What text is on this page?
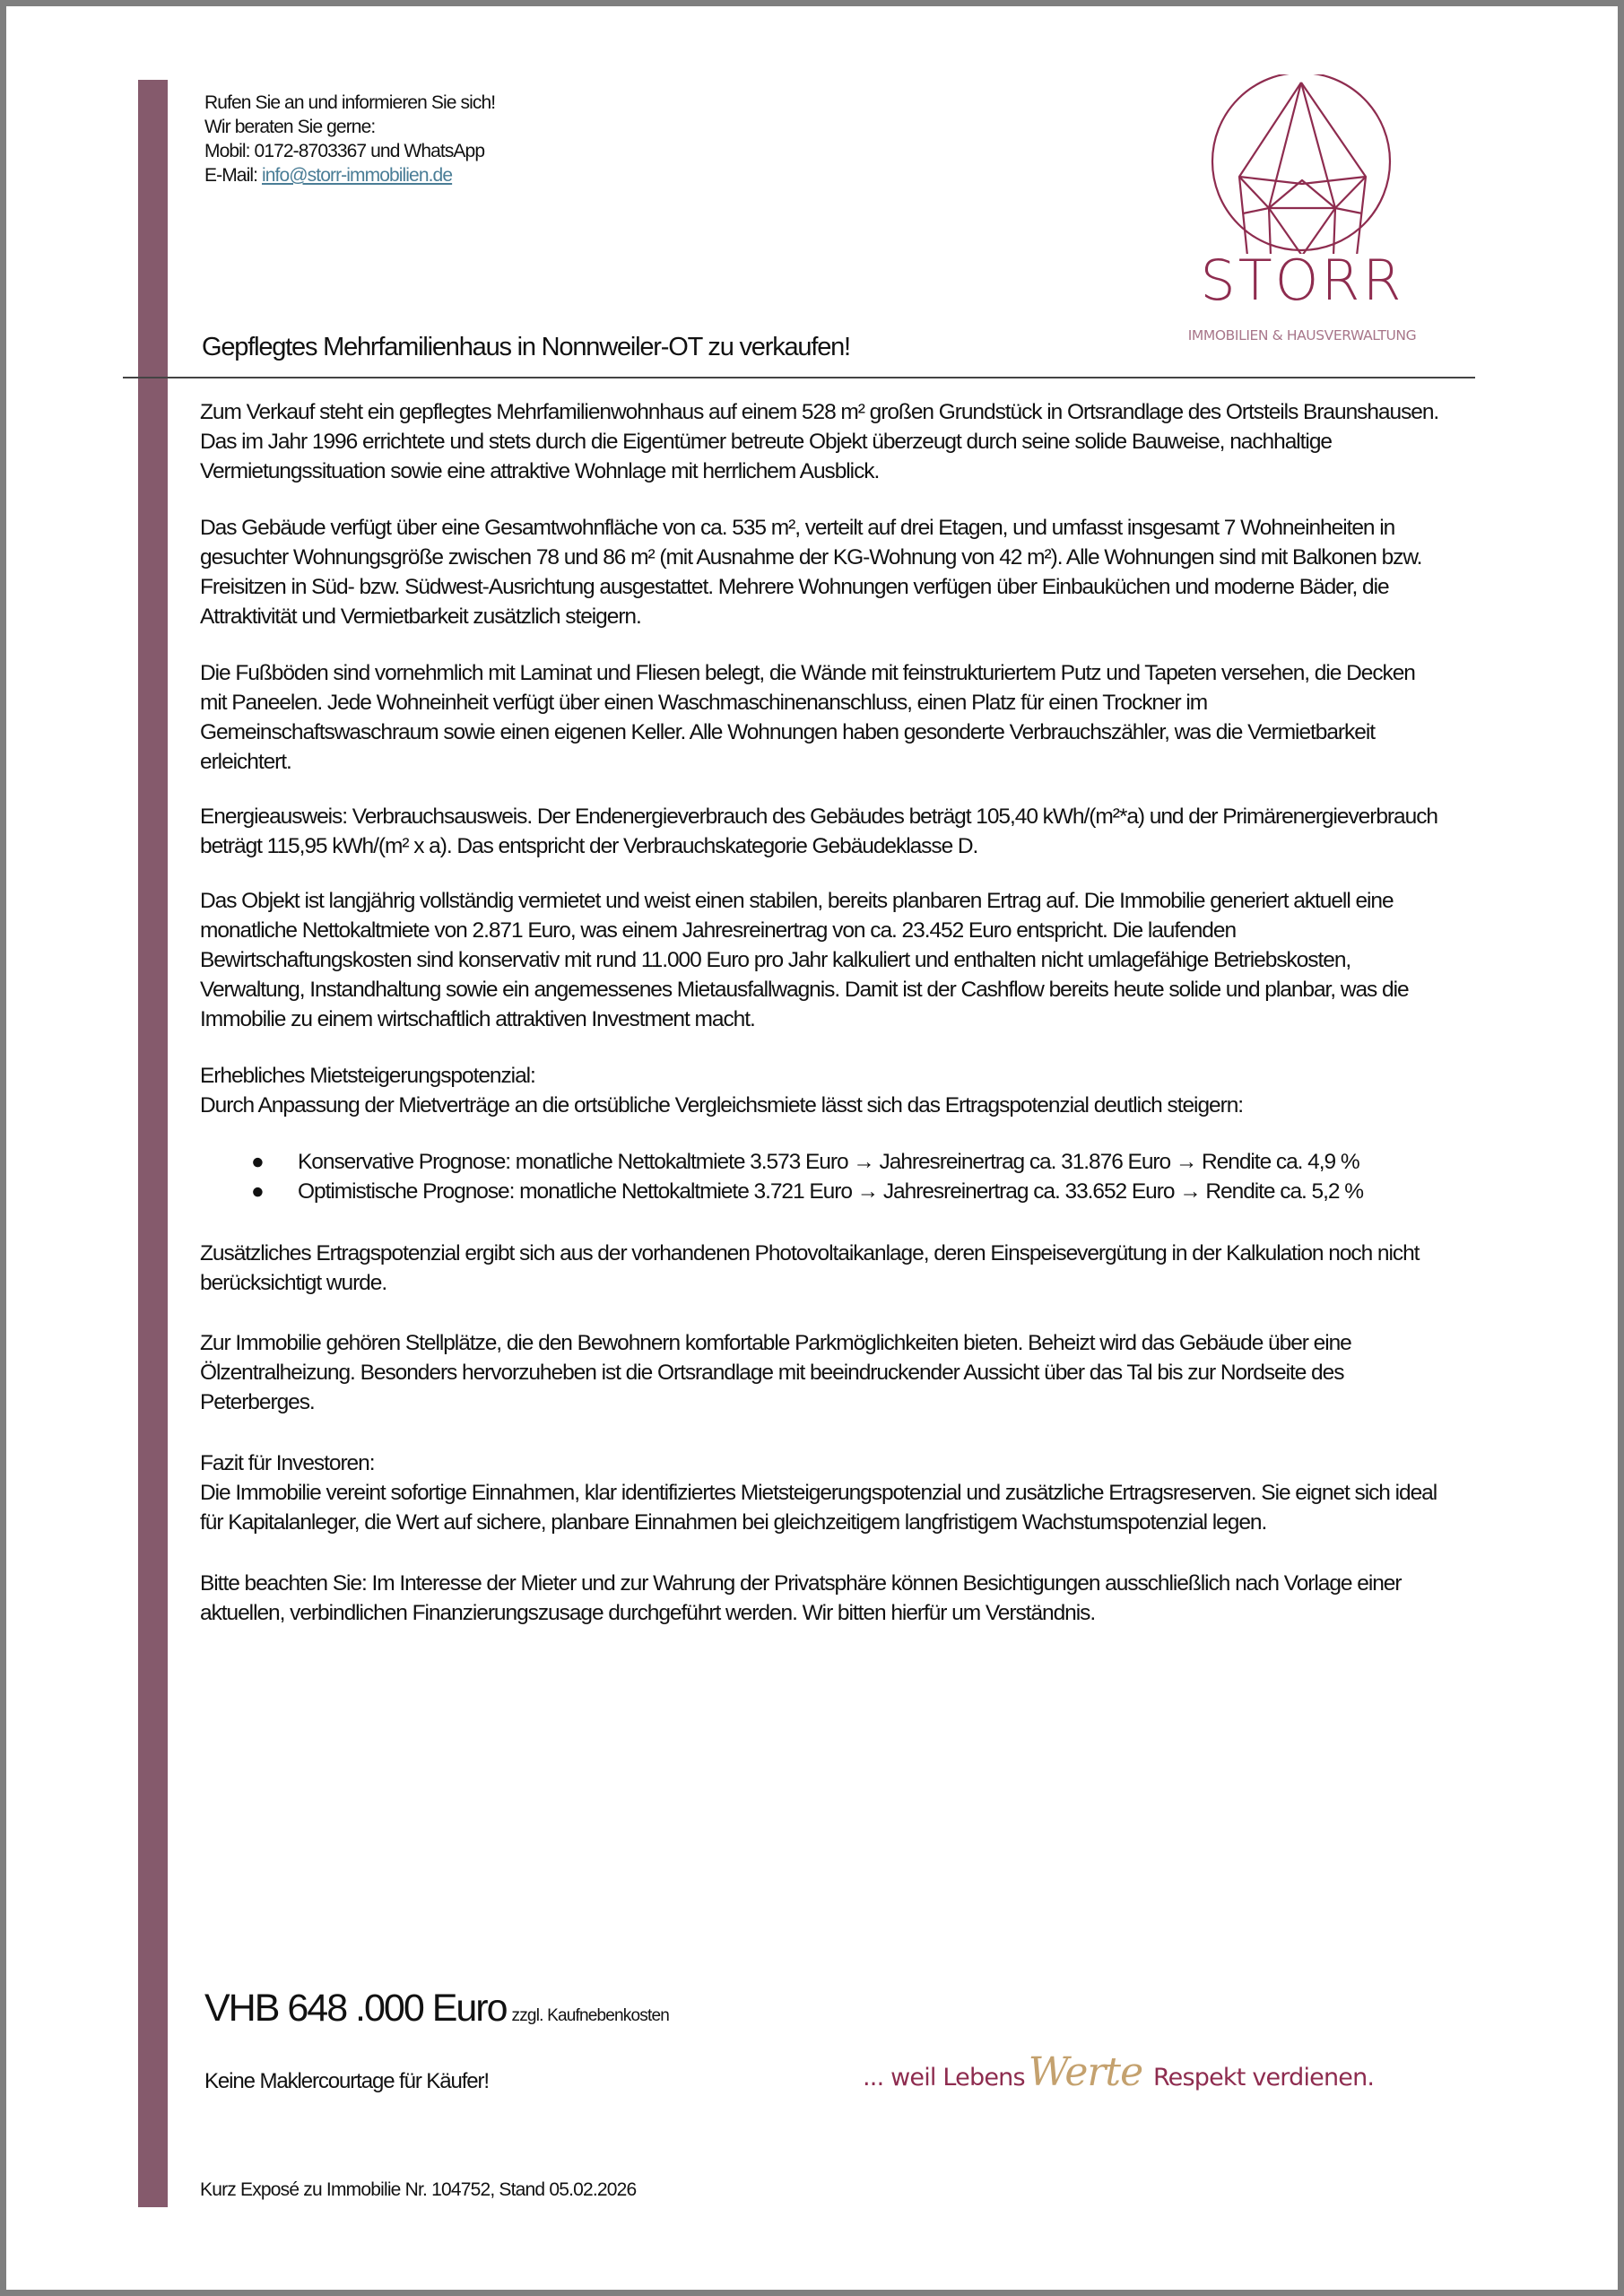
Rufen Sie an und informieren Sie sich!
Wir beraten Sie gerne:
Mobil: 0172-8703367 und WhatsApp
E-Mail: info@storr-immobilien.de
STORR
IMMOBILIEN & HAUSVERWALTUNG
Gepflegtes Mehrfamilienhaus in Nonnweiler-OT zu verkaufen!

Zum Verkauf steht ein gepflegtes Mehrfamilienwohnhaus auf einem 528 m² großen Grundstück in Ortsrandlage des Ortsteils Braunshausen. Das im Jahr 1996 errichtete und stets durch die Eigentümer betreute Objekt überzeugt durch seine solide Bauweise, nachhaltige Vermietungssituation sowie eine attraktive Wohnlage mit herrlichem Ausblick.

Das Gebäude verfügt über eine Gesamtwohnfläche von ca. 535 m², verteilt auf drei Etagen, und umfasst insgesamt 7 Wohneinheiten in gesuchter Wohnungsgröße zwischen 78 und 86 m² (mit Ausnahme der KG-Wohnung von 42 m²). Alle Wohnungen sind mit Balkonen bzw. Freisitzen in Süd- bzw. Südwest-Ausrichtung ausgestattet. Mehrere Wohnungen verfügen über Einbauküchen und moderne Bäder, die Attraktivität und Vermietbarkeit zusätzlich steigern.

Die Fußböden sind vornehmlich mit Laminat und Fliesen belegt, die Wände mit feinstrukturiertem Putz und Tapeten versehen, die Decken mit Paneelen. Jede Wohneinheit verfügt über einen Waschmaschinenanschluss, einen Platz für einen Trockner im Gemeinschaftswaschraum sowie einen eigenen Keller. Alle Wohnungen haben gesonderte Verbrauchszähler, was die Vermietbarkeit erleichtert.

Energieausweis: Verbrauchsausweis. Der Endenergieverbrauch des Gebäudes beträgt 105,40 kWh/(m²*a) und der Primärenergieverbrauch beträgt 115,95 kWh/(m² x a). Das entspricht der Verbrauchskategorie Gebäudeklasse D.

Das Objekt ist langjährig vollständig vermietet und weist einen stabilen, bereits planbaren Ertrag auf. Die Immobilie generiert aktuell eine monatliche Nettokaltmiete von 2.871 Euro, was einem Jahresreinertrag von ca. 23.452 Euro entspricht. Die laufenden Bewirtschaftungskosten sind konservativ mit rund 11.000 Euro pro Jahr kalkuliert und enthalten nicht umlagefähige Betriebskosten, Verwaltung, Instandhaltung sowie ein angemessenes Mietausfallwagnis. Damit ist der Cashflow bereits heute solide und planbar, was die Immobilie zu einem wirtschaftlich attraktiven Investment macht.

Erhebliches Mietsteigerungspotenzial:

Durch Anpassung der Mietverträge an die ortsübliche Vergleichsmiete lässt sich das Ertragspotenzial deutlich steigern:

● Konservative Prognose: monatliche Nettokaltmiete 3.573 Euro → Jahresreinertrag ca. 31.876 Euro → Rendite ca. 4,9 %
● Optimistische Prognose: monatliche Nettokaltmiete 3.721 Euro → Jahresreinertrag ca. 33.652 Euro → Rendite ca. 5,2 %

Zusätzliches Ertragspotenzial ergibt sich aus der vorhandenen Photovoltaikanlage, deren Einspeisevergütung in der Kalkulation noch nicht berücksichtigt wurde.

Zur Immobilie gehören Stellplätze, die den Bewohnern komfortable Parkmöglichkeiten bieten. Beheizt wird das Gebäude über eine Ölzentralheizung. Besonders hervorzuheben ist die Ortsrandlage mit beeindruckender Aussicht über das Tal bis zur Nordseite des Peterberges.

Fazit für Investoren:

Die Immobilie vereint sofortige Einnahmen, klar identifiziertes Mietsteigerungspotenzial und zusätzliche Ertragsreserven. Sie eignet sich ideal für Kapitalanleger, die Wert auf sichere, planbare Einnahmen bei gleichzeitigem langfristigem Wachstumspotenzial legen.

Bitte beachten Sie: Im Interesse der Mieter und zur Wahrung der Privatsphäre können Besichtigungen ausschließlich nach Vorlage einer aktuellen, verbindlichen Finanzierungszusage durchgeführt werden. Wir bitten hierfür um Verständnis.

VHB 648 .000 Euro zzgl. Kaufnebenkosten
Keine Maklercourtage für Käufer!	... weil LebensWerte Respekt verdienen.
Kurz Exposé zu Immobilie Nr. 104752, Stand 05.02.2026
